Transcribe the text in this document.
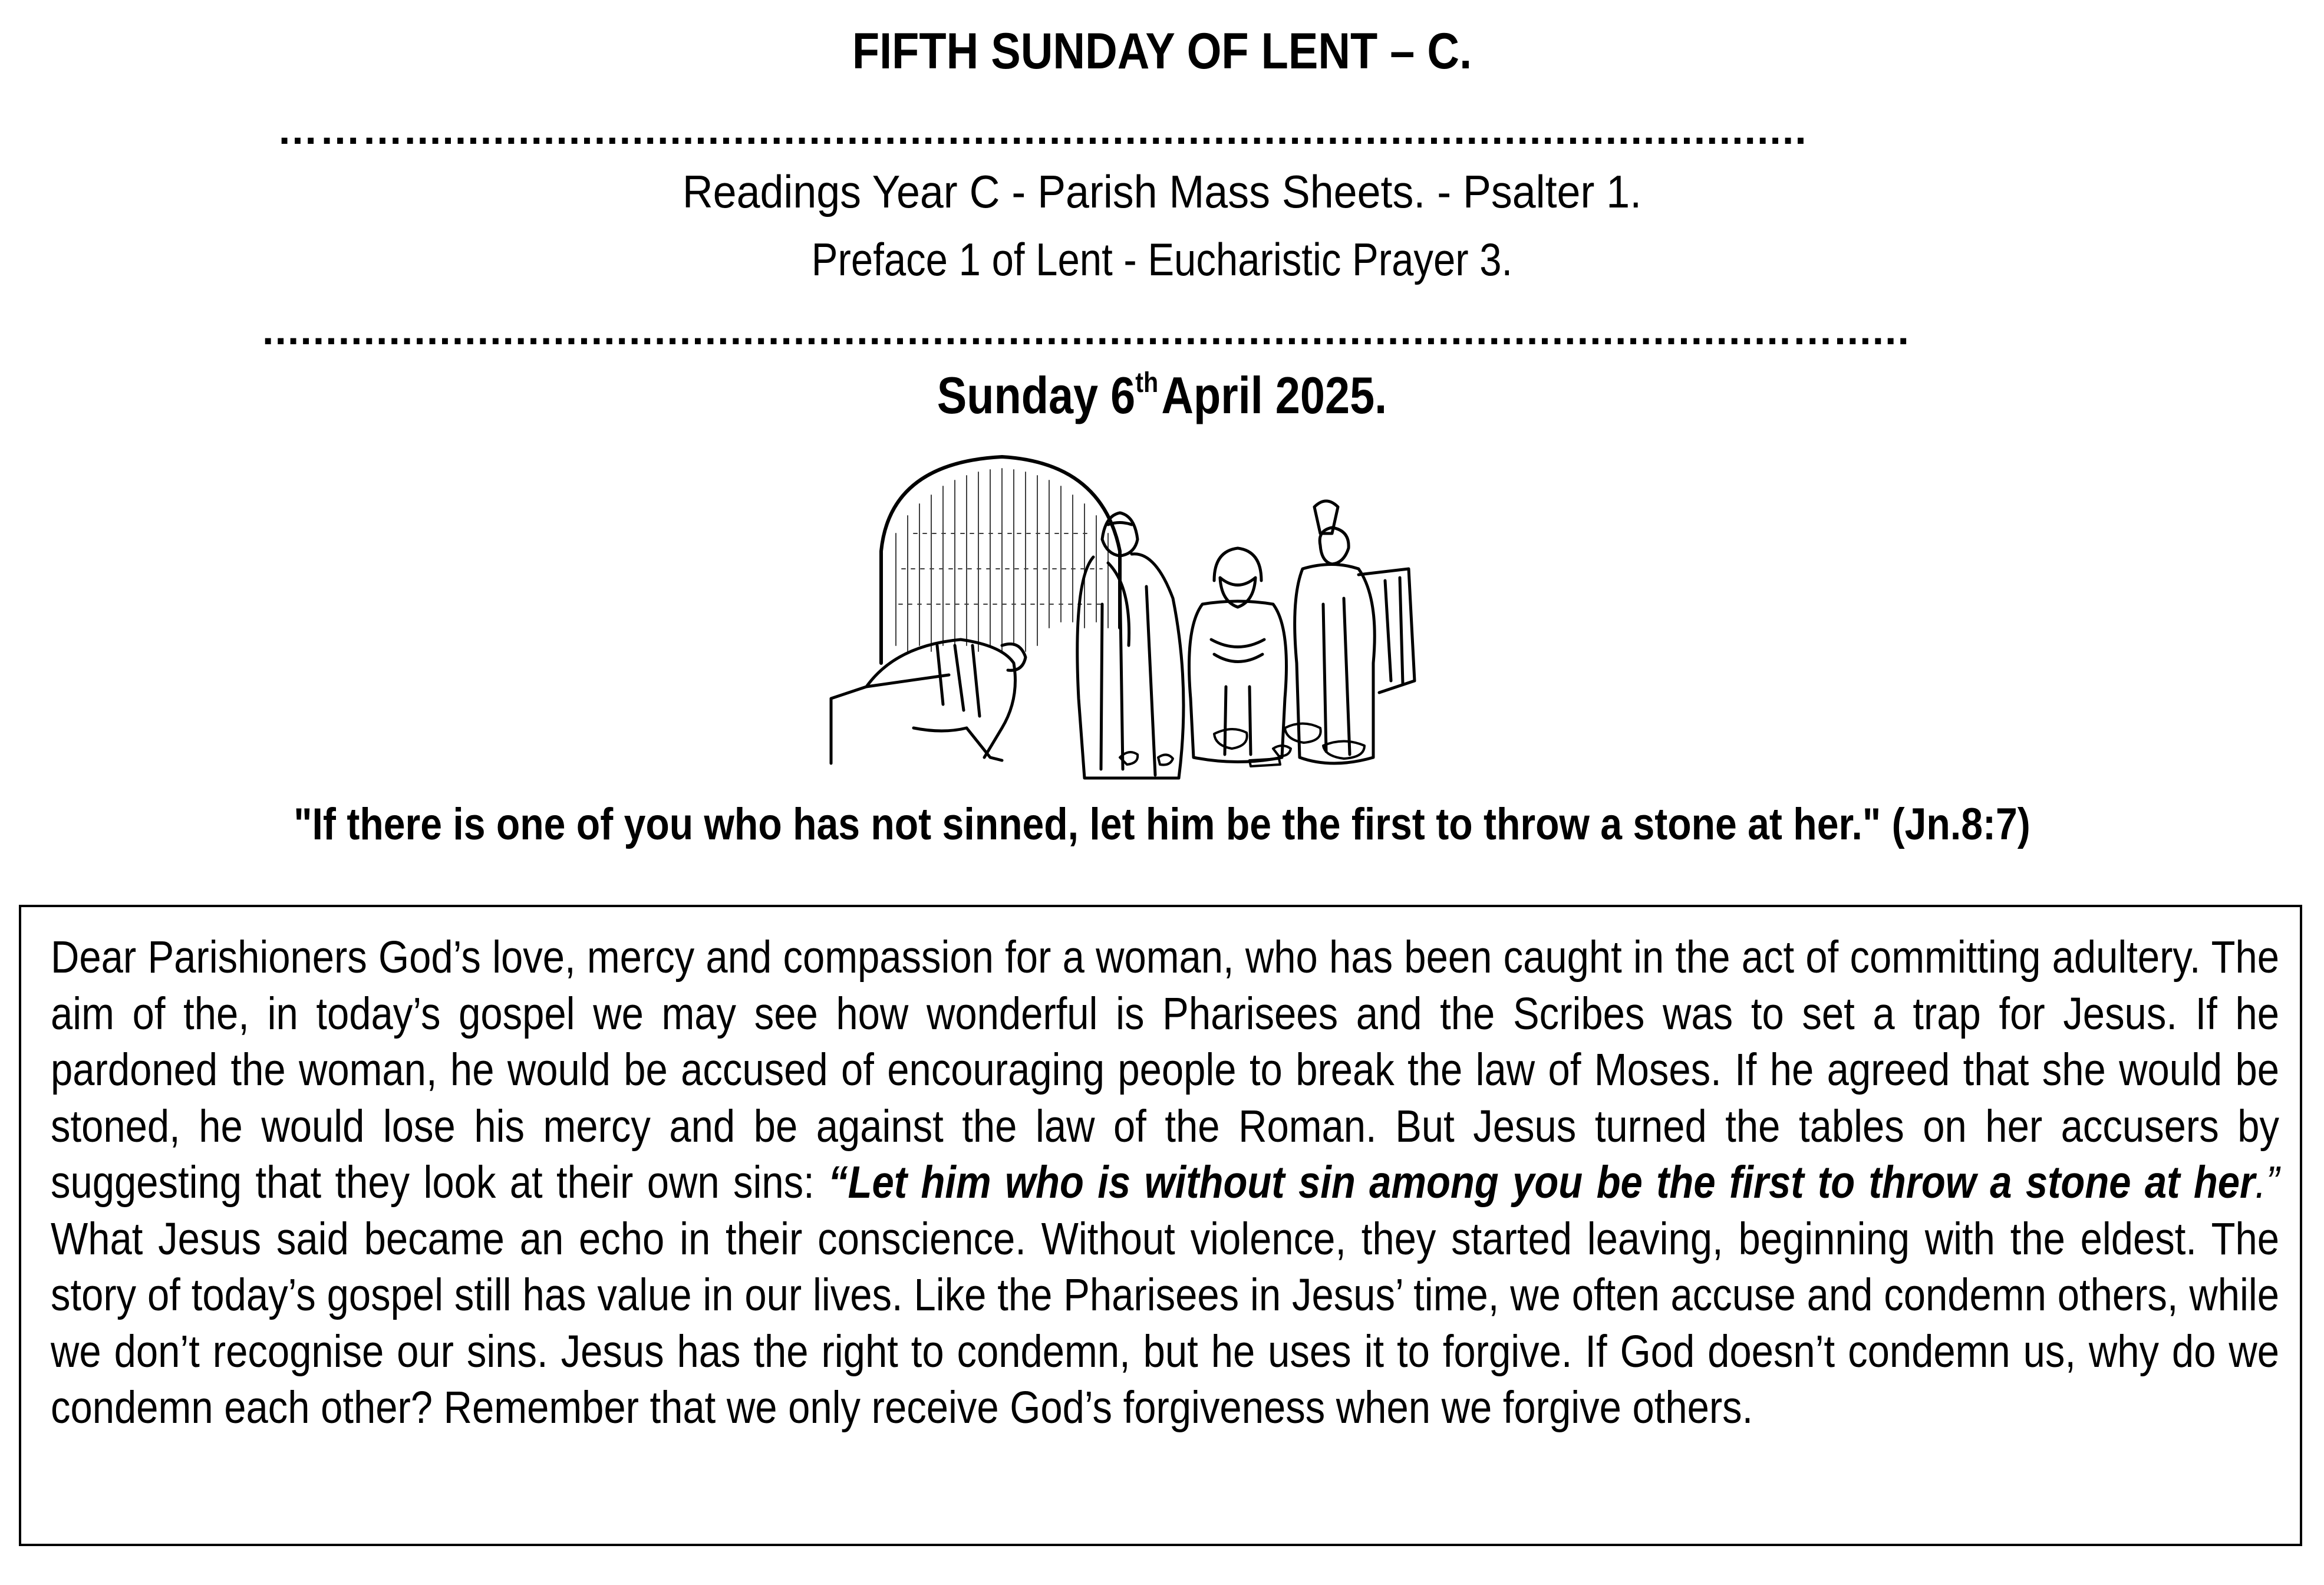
FIFTH SUNDAY OF LENT – C.
………...............................................................................................................
Readings Year C - Parish Mass Sheets. - Psalter 1.
Preface 1 of Lent - Eucharistic Prayer 3.
.........................................................................................................................…......
Sunday 6thApril 2025.
"If there is one of you who has not sinned, let him be the first to throw a stone at her." (Jn.8:7)
Dear Parishioners God’s love, mercy and compassion for a woman, who has been caught in the act of committing adultery. The aim of the, in today’s gospel we may see how wonderful is Pharisees and the Scribes was to set a trap for Jesus. If he pardoned the woman, he would be accused of encouraging people to break the law of Moses. If he agreed that she would be stoned, he would lose his mercy and be against the law of the Roman. But Jesus turned the tables on her accusers by suggesting that they look at their own sins: “Let him who is without sin among you be the first to throw a stone at her.” What Jesus said became an echo in their conscience. Without violence, they started leaving, beginning with the eldest. The story of today’s gospel still has value in our lives. Like the Pharisees in Jesus’ time, we often accuse and condemn others, while we don’t recognise our sins. Jesus has the right to condemn, but he uses it to forgive. If God doesn’t condemn us, why do we condemn each other? Remember that we only receive God’s forgiveness when we forgive others.
